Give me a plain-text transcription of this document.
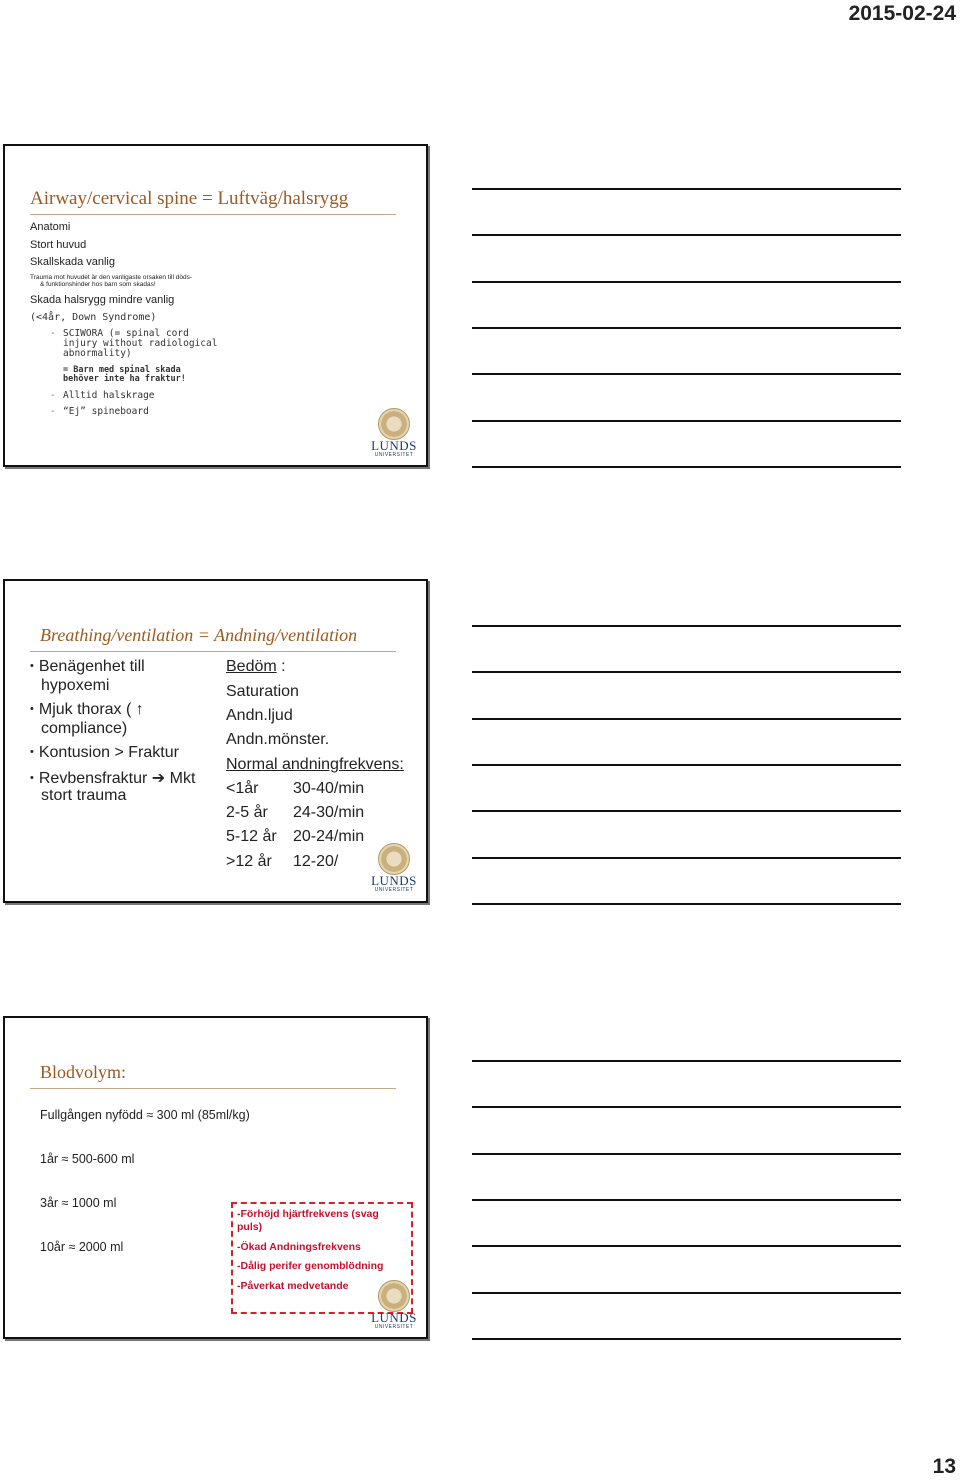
2015-02-24
Airway/cervical spine = Luftväg/halsrygg
Anatomi
Stort huvud
Skallskada vanlig
Trauma mot huvudet är den vanligaste orsaken till döds-
& funktionshinder hos barn som skadas!
Skada halsrygg mindre vanlig
(<4år, Down Syndrome)
- SCIWORA (= spinal cord
injury without radiological
abnormality)
= Barn med spinal skada
behöver inte ha fraktur!
- Alltid halskrage
- “Ej” spineboard
LUNDS
UNIVERSITET
Breathing/ventilation = Andning/ventilation
• Benägenhet till
hypoxemi
• Mjuk thorax ( ↑
compliance)
• Kontusion > Fraktur
• Revbensfraktur ➔ Mkt
stort trauma
Bedöm :
Saturation
Andn.ljud
Andn.mönster.
Normal andningfrekvens:
<1år 30-40/min
2-5 år 24-30/min
5-12 år 20-24/min
>12 år 12-20/
LUNDS
UNIVERSITET
Blodvolym:
Fullgången nyfödd ≈ 300 ml (85ml/kg)
1år ≈ 500-600 ml
3år ≈ 1000 ml
10år ≈ 2000 ml
-Förhöjd hjärtfrekvens (svag
puls)
-Ökad Andningsfrekvens
-Dålig perifer genomblödning
-Påverkat medvetande
LUNDS
UNIVERSITET
13
